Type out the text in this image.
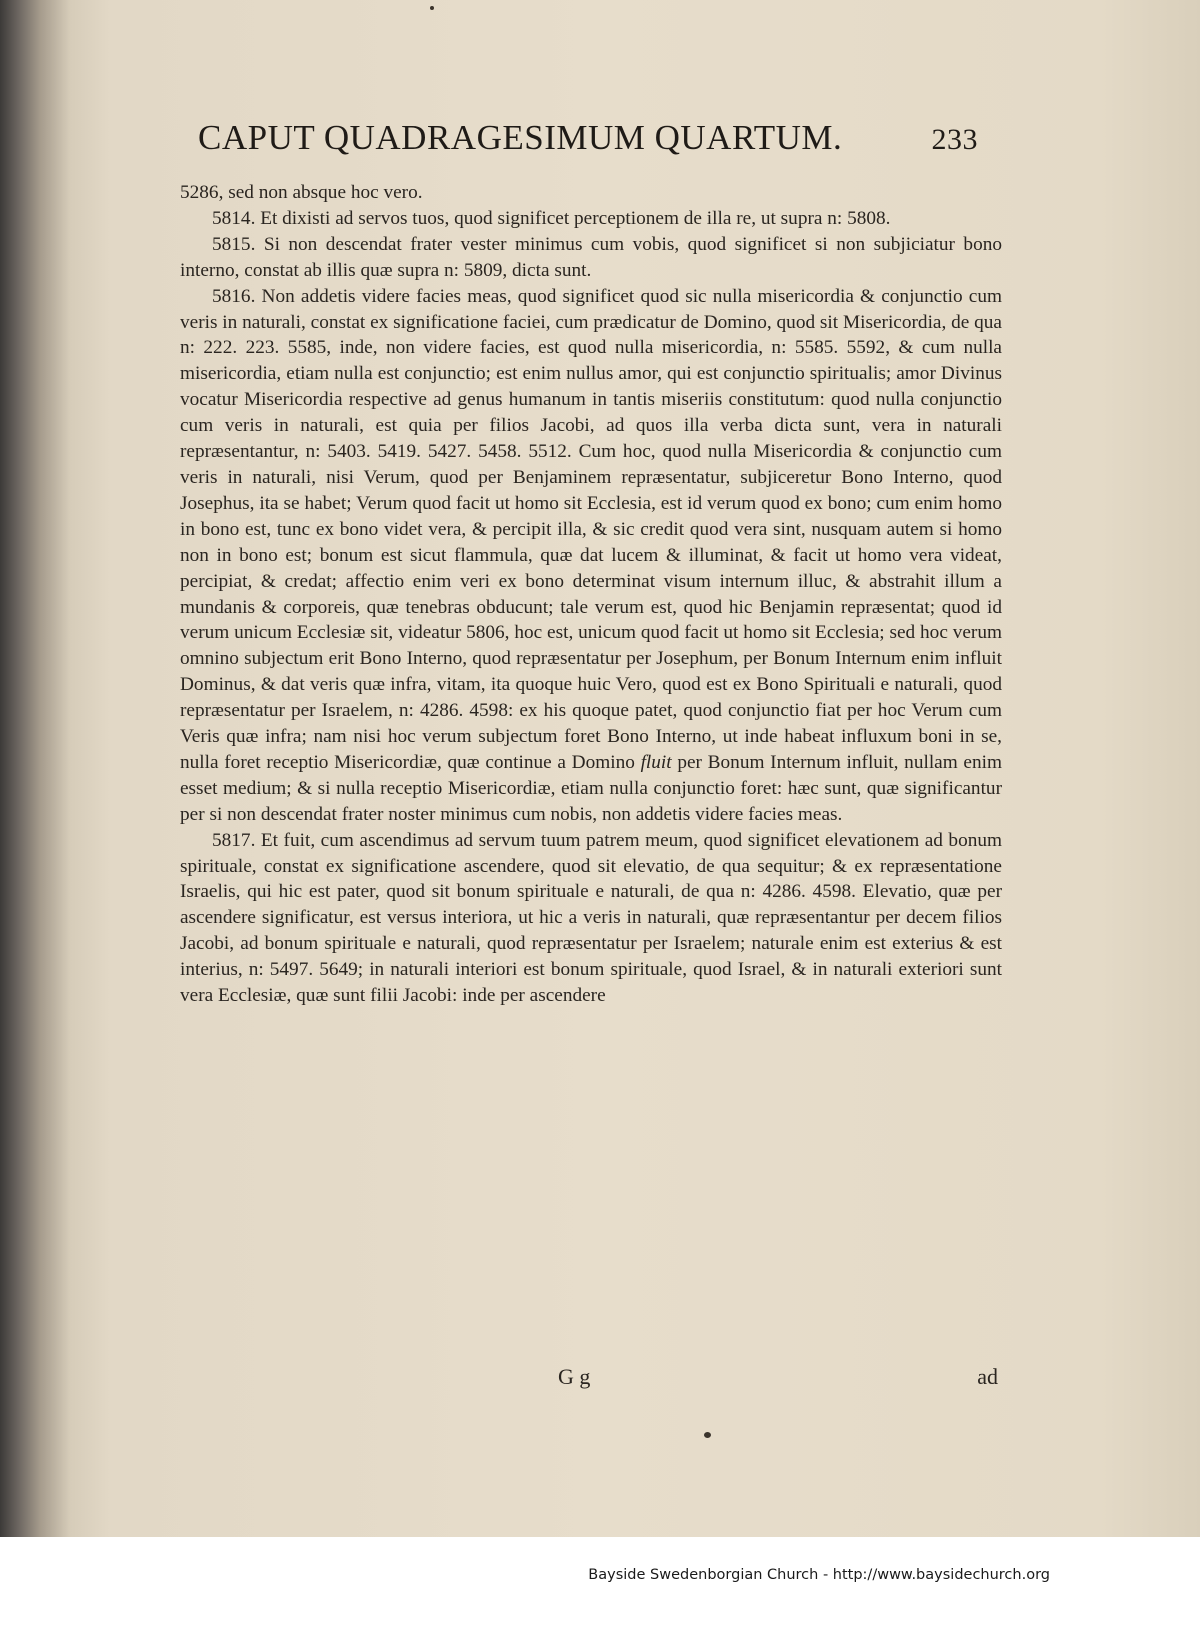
CAPUT QUADRAGESIMUM QUARTUM.	233

5286, sed non absque hoc vero.

5814. Et dixisti ad servos tuos, quod significet perceptionem de illa re, ut supra n: 5808.

5815. Si non descendat frater vester minimus cum vobis, quod significet si non subjiciatur bono interno, constat ab illis quæ supra n: 5809, dicta sunt.

5816. Non addetis videre facies meas, quod significet quod sic nulla misericordia & conjunctio cum veris in naturali, constat ex significatione faciei, cum prædicatur de Domino, quod sit Misericordia, de qua n: 222. 223. 5585, inde, non videre facies, est quod nulla misericordia, n: 5585. 5592, & cum nulla misericordia, etiam nulla est conjunctio; est enim nullus amor, qui est conjunctio spiritualis; amor Divinus vocatur Misericordia respective ad genus humanum in tantis miseriis constitutum: quod nulla conjunctio cum veris in naturali, est quia per filios Jacobi, ad quos illa verba dicta sunt, vera in naturali repræsentantur, n: 5403. 5419. 5427. 5458. 5512. Cum hoc, quod nulla Misericordia & conjunctio cum veris in naturali, nisi Verum, quod per Benjaminem repræsentatur, subjiceretur Bono Interno, quod Josephus, ita se habet; Verum quod facit ut homo sit Ecclesia, est id verum quod ex bono; cum enim homo in bono est, tunc ex bono videt vera, & percipit illa, & sic credit quod vera sint, nusquam autem si homo non in bono est; bonum est sicut flammula, quæ dat lucem & illuminat, & facit ut homo vera videat, percipiat, & credat; affectio enim veri ex bono determinat visum internum illuc, & abstrahit illum a mundanis & corporeis, quæ tenebras obducunt; tale verum est, quod hic Benjamin repræsentat; quod id verum unicum Ecclesiæ sit, videatur 5806, hoc est, unicum quod facit ut homo sit Ecclesia; sed hoc verum omnino subjectum erit Bono Interno, quod repræsentatur per Josephum, per Bonum Internum enim influit Dominus, & dat veris quæ infra, vitam, ita quoque huic Vero, quod est ex Bono Spirituali e naturali, quod repræsentatur per Israelem, n: 4286. 4598: ex his quoque patet, quod conjunctio fiat per hoc Verum cum Veris quæ infra; nam nisi hoc verum subjectum foret Bono Interno, ut inde habeat influxum boni in se, nulla foret receptio Misericordiæ, quæ continue a Domino fluit per Bonum Internum influit, nullam enim esset medium; & si nulla receptio Misericordiæ, etiam nulla conjunctio foret: hæc sunt, quæ significantur per si non descendat frater noster minimus cum nobis, non addetis videre facies meas.

5817. Et fuit, cum ascendimus ad servum tuum patrem meum, quod significet elevationem ad bonum spirituale, constat ex significatione ascendere, quod sit elevatio, de qua sequitur; & ex repræsentatione Israelis, qui hic est pater, quod sit bonum spirituale e naturali, de qua n: 4286. 4598. Elevatio, quæ per ascendere significatur, est versus interiora, ut hic a veris in naturali, quæ repræsentantur per decem filios Jacobi, ad bonum spirituale e naturali, quod repræsentatur per Israelem; naturale enim est exterius & est interius, n: 5497. 5649; in naturali interiori est bonum spirituale, quod Israel, & in naturali exteriori sunt vera Ecclesiæ, quæ sunt filii Jacobi: inde per ascendere

G g	ad
Bayside Swedenborgian Church - http://www.baysidechurch.org
